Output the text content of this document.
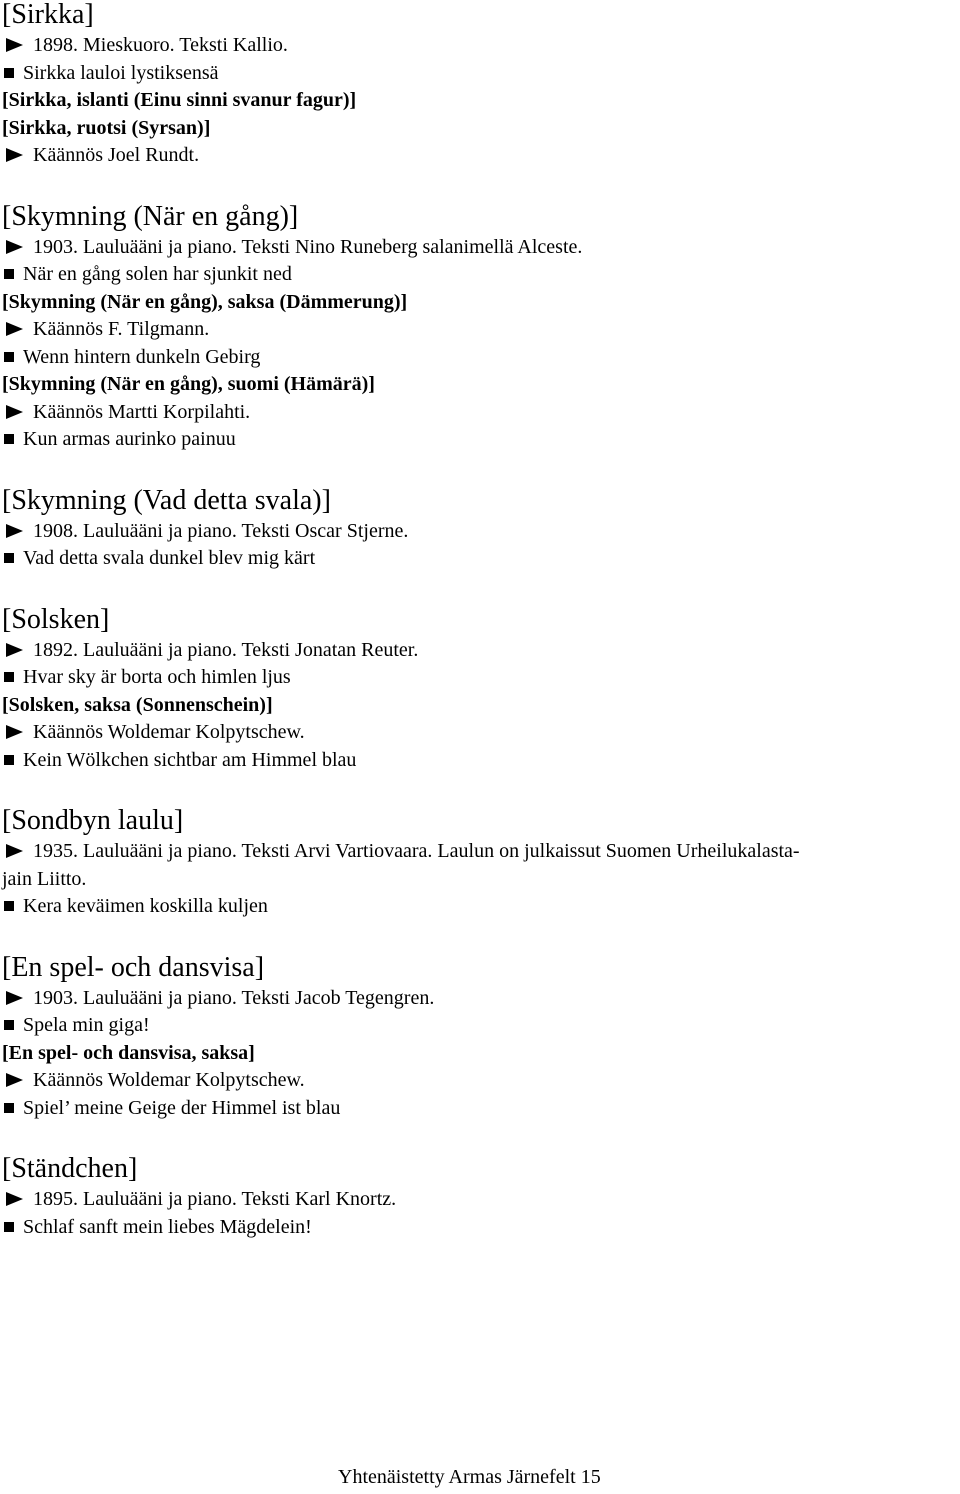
[Sirkka]
1898. Mieskuoro. Teksti Kallio.
Sirkka lauloi lystiksensä
[Sirkka, islanti (Einu sinni svanur fagur)]
[Sirkka, ruotsi (Syrsan)]
Käännös Joel Rundt.
[Skymning (När en gång)]
1903. Lauluääni ja piano. Teksti Nino Runeberg salanimellä Alceste.
När en gång solen har sjunkit ned
[Skymning (När en gång), saksa (Dämmerung)]
Käännös F. Tilgmann.
Wenn hintern dunkeln Gebirg
[Skymning (När en gång), suomi (Hämärä)]
Käännös Martti Korpilahti.
Kun armas aurinko painuu
[Skymning (Vad detta svala)]
1908. Lauluääni ja piano. Teksti Oscar Stjerne.
Vad detta svala dunkel blev mig kärt
[Solsken]
1892. Lauluääni ja piano. Teksti Jonatan Reuter.
Hvar sky är borta och himlen ljus
[Solsken, saksa (Sonnenschein)]
Käännös Woldemar Kolpytschew.
Kein Wölkchen sichtbar am Himmel blau
[Sondbyn laulu]
1935. Lauluääni ja piano. Teksti Arvi Vartiovaara. Laulun on julkaissut Suomen Urheilukalasta-
jain Liitto.
Kera keväimen koskilla kuljen
[En spel- och dansvisa]
1903. Lauluääni ja piano. Teksti Jacob Tegengren.
Spela min giga!
[En spel- och dansvisa, saksa]
Käännös Woldemar Kolpytschew.
Spiel’ meine Geige der Himmel ist blau
[Ständchen]
1895. Lauluääni ja piano. Teksti Karl Knortz.
Schlaf sanft mein liebes Mägdelein!
Yhtenäistetty Armas Järnefelt 15
